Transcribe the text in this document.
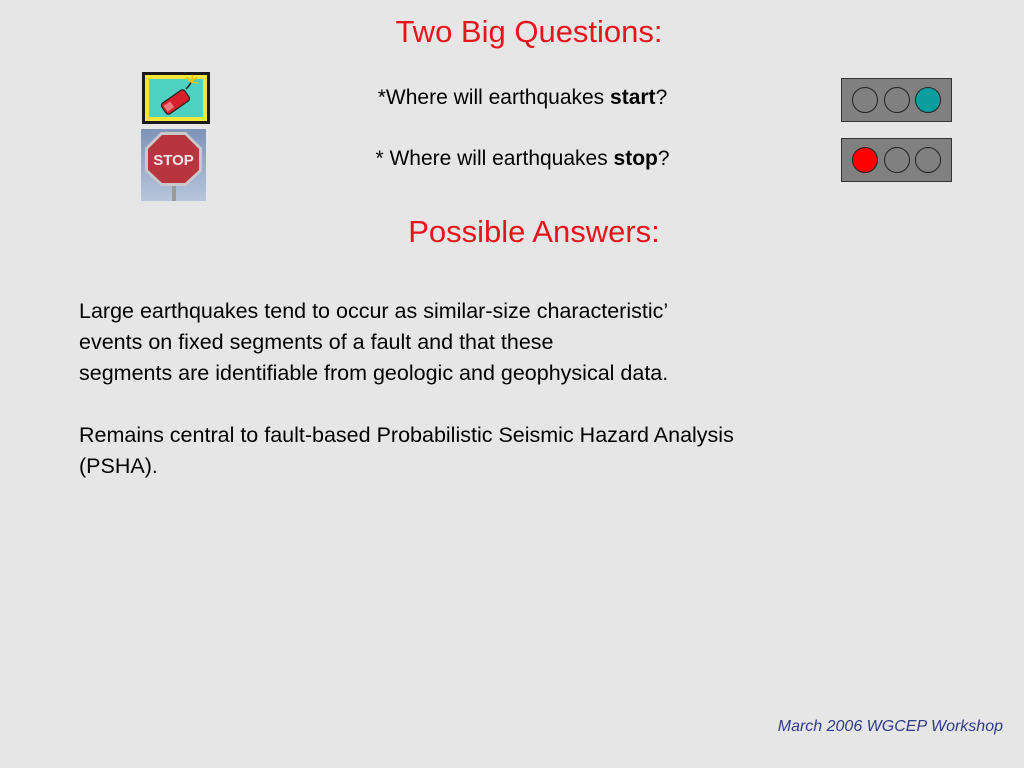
Two Big Questions:
*Where will earthquakes start?
STOP	* Where will earthquakes stop?
Possible Answers:
Large earthquakes tend to occur as similar-size characteristic’
events on fixed segments of a fault and that these
segments are identifiable from geologic and geophysical data.
Remains central to fault-based Probabilistic Seismic Hazard Analysis
(PSHA).
March 2006 WGCEP Workshop
